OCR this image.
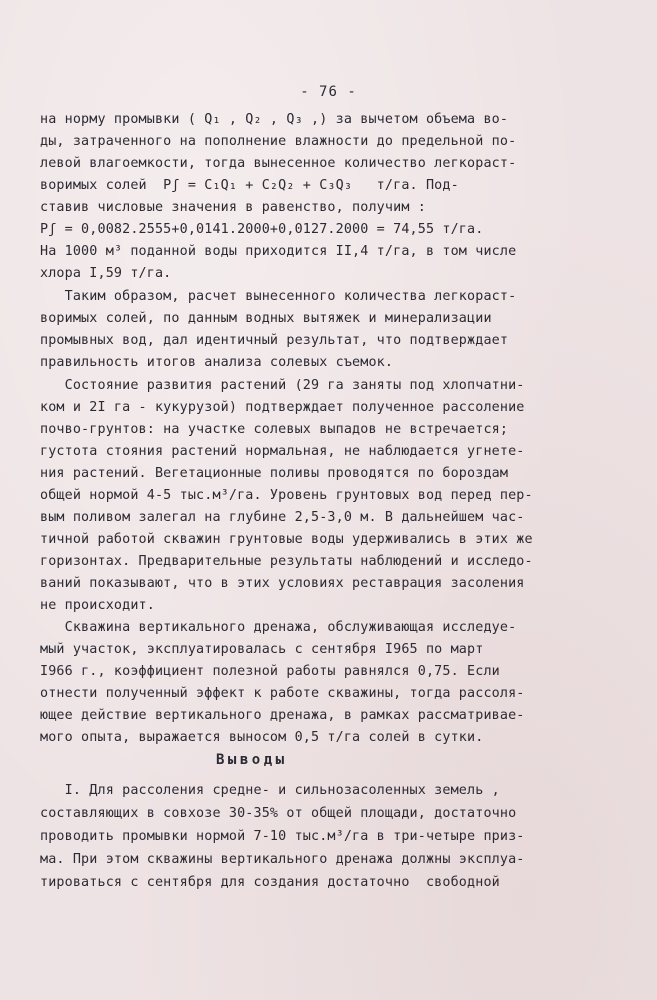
- 76 -
на норму промывки ( Q₁ , Q₂ , Q₃ ,) за вычетом объема во-
ды, затраченного на пополнение влажности до предельной по-
левой влагоемкости, тогда вынесенное количество легкораст-
воримых солей  Pʃ = C₁Q₁ + C₂Q₂ + C₃Q₃   т/га. Под-
ставив числовые значения в равенство, получим :
Pʃ = 0,0082.2555+0,0141.2000+0,0127.2000 = 74,55 т/га.
На 1000 м³ поданной воды приходится II,4 т/га, в том числе
хлора I,59 т/га.
Таким образом, расчет вынесенного количества легкораст-
воримых солей, по данным водных вытяжек и минерализации
промывных вод, дал идентичный результат, что подтверждает
правильность итогов анализа солевых съемок.
Состояние развития растений (29 га заняты под хлопчатни-
ком и 2I га - кукурузой) подтверждает полученное рассоление
почво-грунтов: на участке солевых выпадов не встречается;
густота стояния растений нормальная, не наблюдается угнете-
ния растений. Вегетационные поливы проводятся по бороздам
общей нормой 4-5 тыс.м³/га. Уровень грунтовых вод перед пер-
вым поливом залегал на глубине 2,5-3,0 м. В дальнейшем час-
тичной работой скважин грунтовые воды удерживались в этих же
горизонтах. Предварительные результаты наблюдений и исследо-
ваний показывают, что в этих условиях реставрация засоления
не происходит.
Скважина вертикального дренажа, обслуживающая исследуе-
мый участок, эксплуатировалась с сентября I965 по март
I966 г., коэффициент полезной работы равнялся 0,75. Если
отнести полученный эффект к работе скважины, тогда рассоля-
ющее действие вертикального дренажа, в рамках рассматривае-
мого опыта, выражается выносом 0,5 т/га солей в сутки.
Выводы
I. Для рассоления средне- и сильнозасоленных земель ,
составляющих в совхозе 30-35% от общей площади, достаточно
проводить промывки нормой 7-10 тыс.м³/га в три-четыре приз-
ма. При этом скважины вертикального дренажа должны эксплуа-
тироваться с сентября для создания достаточно  свободной
